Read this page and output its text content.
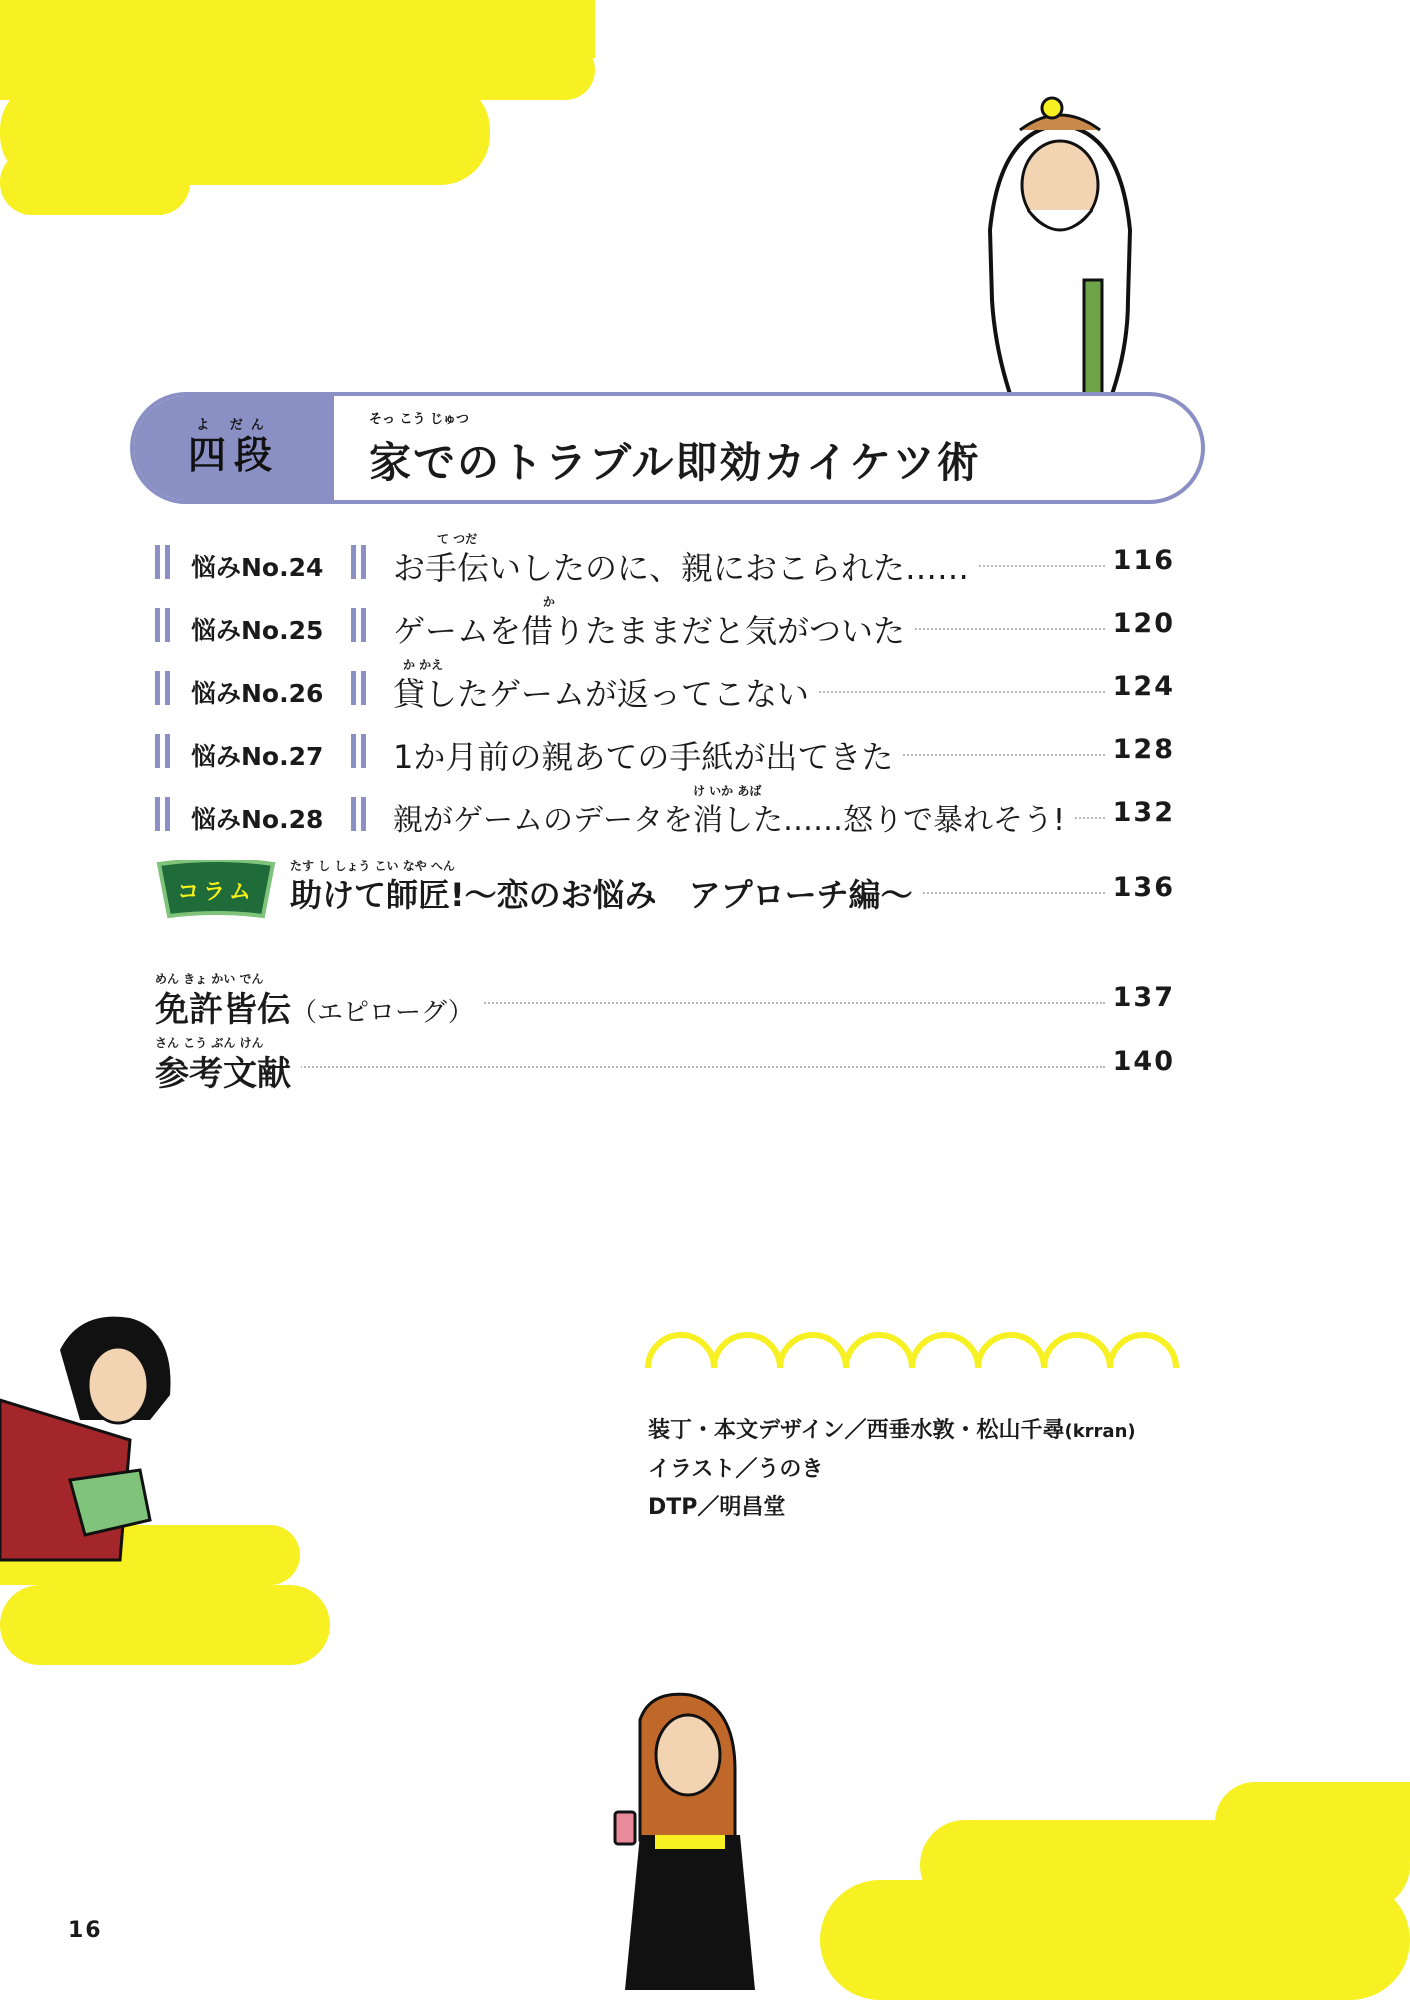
よ だん
四段
そっ こう じゅつ
家でのトラブル即効カイケツ術
悩みNo.24
て つだ
お手伝いしたのに、親におこられた……	116
悩みNo.25
か
ゲームを借りたままだと気がついた	120
悩みNo.26
か かえ
貸したゲームが返ってこない	124
悩みNo.27 1か月前の親あての手紙が出てきた	128
悩みNo.28
け いか あば
親がゲームのデータを消した……怒りで暴れそう!	132
コラム
たす し しょう こい なや へん
助けて師匠!〜恋のお悩み　アプローチ編〜	136
めん きょ かい でん
免許皆伝（エピローグ）	137
さん こう ぶん けん
参考文献	140
装丁・本文デザイン／西垂水敦・松山千尋(krran)
イラスト／うのき
DTP／明昌堂
16
